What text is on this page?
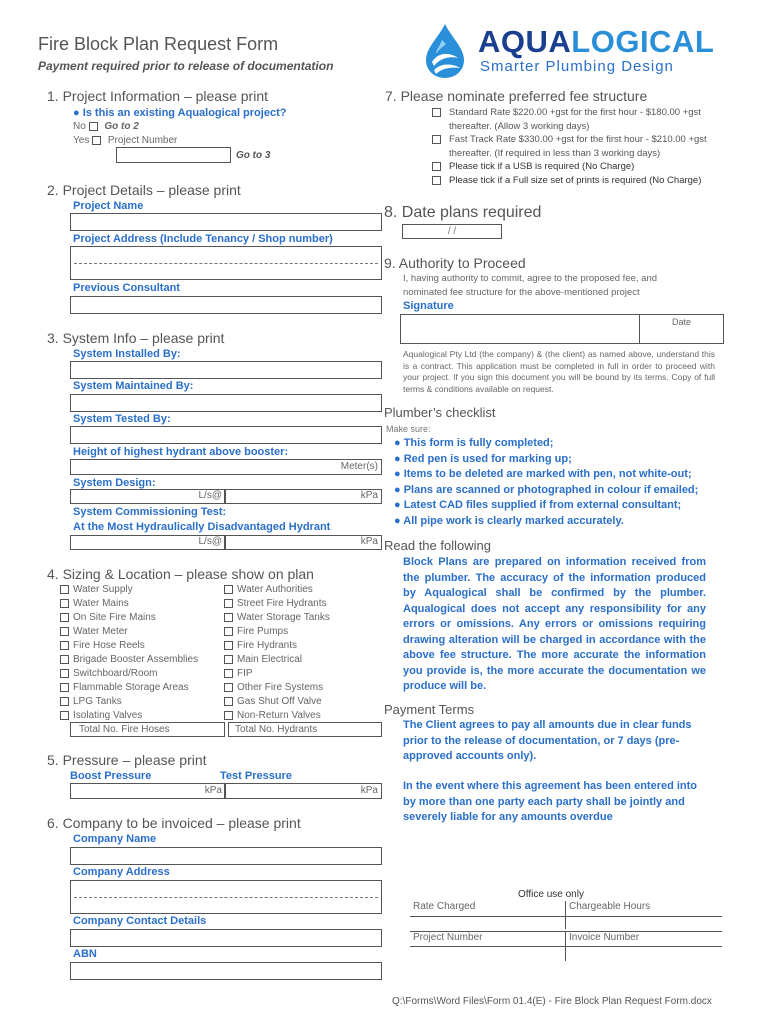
Fire Block Plan Request Form
Payment required prior to release of documentation
AQUALOGICAL
Smarter Plumbing Design
1. Project Information – please print
● Is this an existing Aqualogical project?
No Go to 2
Yes Project Number
Go to 3
2. Project Details – please print
Project Name
Project Address (Include Tenancy / Shop number)
Previous Consultant
3. System Info – please print
System Installed By:
System Maintained By:
System Tested By:
Height of highest hydrant above booster:
Meter(s)
System Design:
L/s@	kPa
System Commissioning Test:
At the Most Hydraulically Disadvantaged Hydrant
L/s@	kPa
4. Sizing & Location – please show on plan
Water Supply
Water Mains
On Site Fire Mains
Water Meter
Fire Hose Reels
Brigade Booster Assemblies
Switchboard/Room
Flammable Storage Areas
LPG Tanks
Isolating Valves
Water Authorities
Street Fire Hydrants
Water Storage Tanks
Fire Pumps
Fire Hydrants
Main Electrical
FIP
Other Fire Systems
Gas Shut Off Valve
Non-Return Valves
Total No. Fire Hoses	Total No. Hydrants
5. Pressure – please print
Boost Pressure	Test Pressure
kPa	kPa
6. Company to be invoiced – please print
Company Name
Company Address
Company Contact Details
ABN
7. Please nominate preferred fee structure
Standard Rate $220.00 +gst for the first hour - $180.00 +gst thereafter. (Allow 3 working days)
Fast Track Rate $330.00 +gst for the first hour - $210.00 +gst thereafter. (If required in less than 3 working days)
Please tick if a USB is required (No Charge)
Please tick if a Full size set of prints is required (No Charge)
8. Date plans required
/ /
9. Authority to Proceed
I, having authority to commit, agree to the proposed fee, and nominated fee structure for the above-mentioned project
Signature
Date
Aqualogical Pty Ltd (the company) & (the client) as named above, understand this is a contract. This application must be completed in full in order to proceed with your project. If you sign this document you will be bound by its terms. Copy of full terms & conditions available on request.
Plumber’s checklist
Make sure:
● This form is fully completed;
● Red pen is used for marking up;
● Items to be deleted are marked with pen, not white-out;
● Plans are scanned or photographed in colour if emailed;
● Latest CAD files supplied if from external consultant;
● All pipe work is clearly marked accurately.
Read the following
Block Plans are prepared on information received from the plumber. The accuracy of the information produced by Aqualogical shall be confirmed by the plumber. Aqualogical does not accept any responsibility for any errors or omissions. Any errors or omissions requiring drawing alteration will be charged in accordance with the above fee structure. The more accurate the information you provide is, the more accurate the documentation we produce will be.
Payment Terms
The Client agrees to pay all amounts due in clear funds prior to the release of documentation, or 7 days (pre-approved accounts only).
In the event where this agreement has been entered into by more than one party each party shall be jointly and severely liable for any amounts overdue
Office use only
Rate Charged	Chargeable Hours
Project Number	Invoice Number
Q:\Forms\Word Files\Form 01.4(E) - Fire Block Plan Request Form.docx
